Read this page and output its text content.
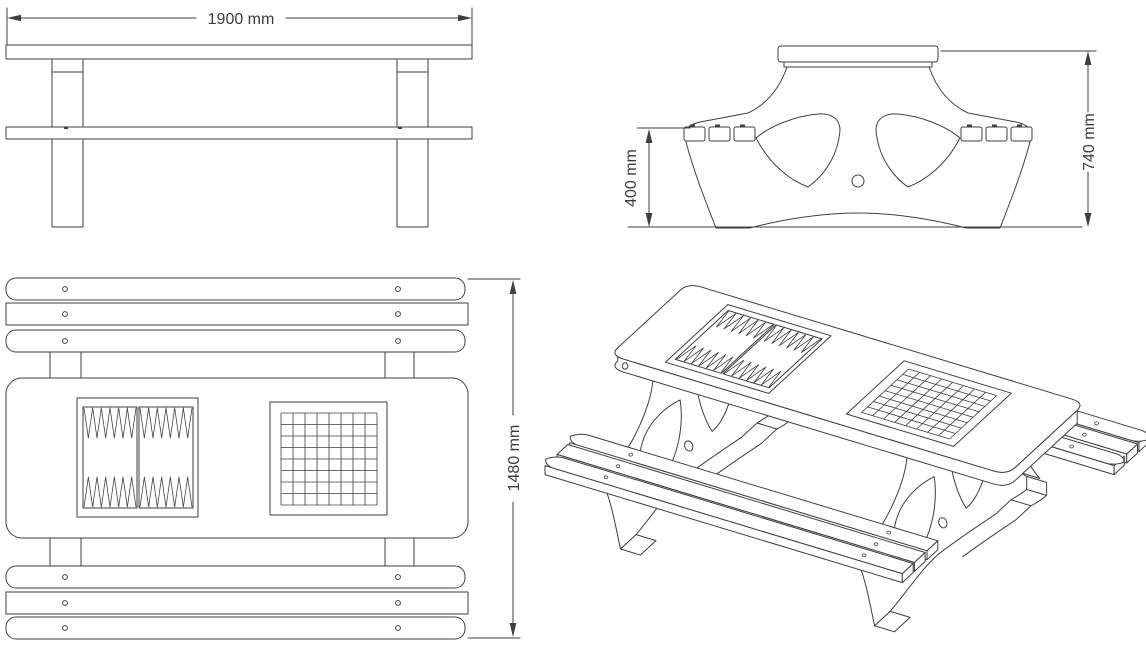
1900 mm
400 mm
740 mm
1480 mm
